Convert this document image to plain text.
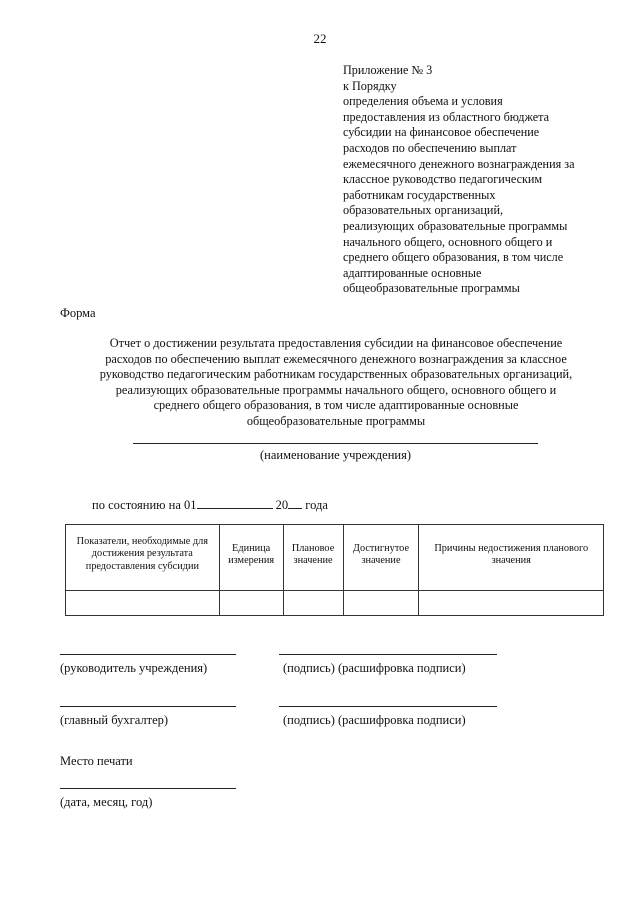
22
Приложение № 3
к Порядку
определения объема и условия
предоставления из областного бюджета
субсидии на финансовое обеспечение
расходов по обеспечению выплат
ежемесячного денежного вознаграждения за
классное руководство педагогическим
работникам государственных
образовательных организаций,
реализующих образовательные программы
начального общего, основного общего и
среднего общего образования, в том числе
адаптированные основные
общеобразовательные программы
Форма
Отчет о достижении результата предоставления субсидии на финансовое обеспечение
расходов по обеспечению выплат ежемесячного денежного вознаграждения за классное
руководство педагогическим работникам государственных образовательных организаций,
реализующих образовательные программы начального общего, основного общего и
среднего общего образования, в том числе адаптированные основные
общеобразовательные программы
(наименование учреждения)
по состоянию на 01	20 года
Показатели, необходимые для достижения результата предоставления субсидии	Единица измерения	Плановое значение	Достигнутое значение	Причины недостижения планового значения

(руководитель учреждения)	(подпись) (расшифровка подписи)
(главный бухгалтер)	(подпись) (расшифровка подписи)
Место печати
(дата, месяц, год)
